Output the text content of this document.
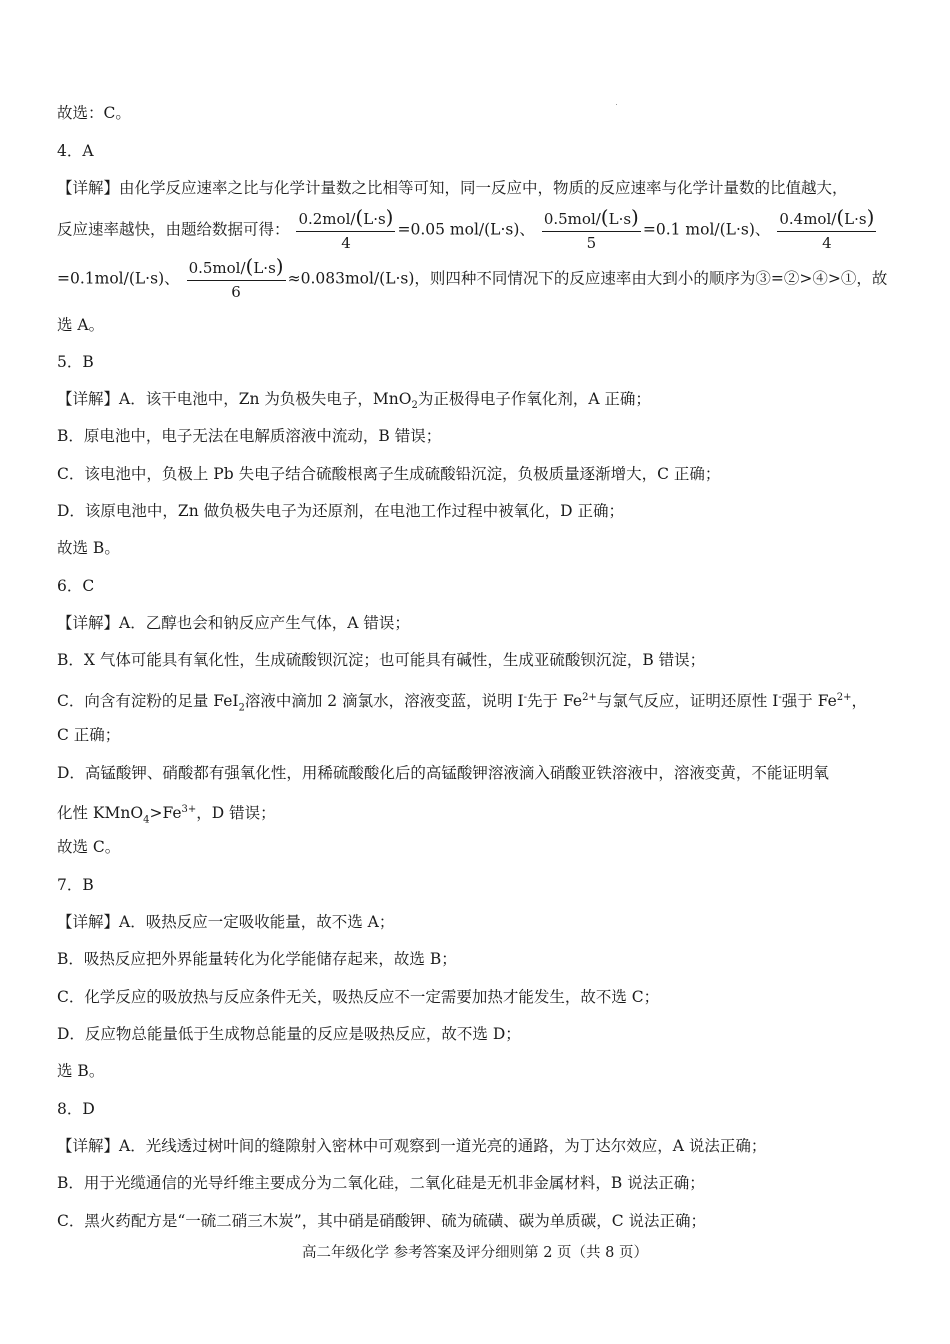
故选：C。
4．A
【详解】由化学反应速率之比与化学计量数之比相等可知，同一反应中，物质的反应速率与化学计量数的比值越大，
反应速率越快，由题给数据可得： $\frac{\text{0.2mol/(L·s)}}{4} =0.05$ mol/(L·s)、 $\frac{\text{0.5mol/(L·s)}}{5} =0.1$ mol/(L·s)、 $\frac{\text{0.4mol/(L·s)}}{4}$
=0.1mol/(L·s)、 $\frac{\text{0.5mol/(L·s)}}{6} \approx 0.083mol/(L\cdot s)$，则四种不同情况下的反应速率由大到小的顺序为③=②>④>①，故
选 A。
5．B
【详解】A．该干电池中，Zn 为负极失电子，MnO$_2$为正极得电子作氧化剂，A 正确；
B．原电池中，电子无法在电解质溶液中流动，B 错误；
C．该电池中，负极上 Pb 失电子结合硫酸根离子生成硫酸铅沉淀，负极质量逐渐增大，C 正确；
D．该原电池中，Zn 做负极失电子为还原剂，在电池工作过程中被氧化，D 正确；
故选 B。
6．C
【详解】A．乙醇也会和钠反应产生气体，A 错误；
B．X 气体可能具有氧化性，生成硫酸钡沉淀；也可能具有碱性，生成亚硫酸钡沉淀，B 错误；
C．向含有淀粉的足量 FeI$_2$溶液中滴加 2 滴氯水，溶液变蓝，说明 I-先于 $Fe^{2+}$与氯气反应，证明还原性 I-强于 $Fe^{2+}$，
C 正确；
D．高锰酸钾、硝酸都有强氧化性，用稀硫酸酸化后的高锰酸钾溶液滴入硝酸亚铁溶液中，溶液变黄，不能证明氧
化性 $KMnO_4>Fe^{3+}$，D 错误；
故选 C。
7．B
【详解】A．吸热反应一定吸收能量，故不选 A；
B．吸热反应把外界能量转化为化学能储存起来，故选 B；
C．化学反应的吸放热与反应条件无关，吸热反应不一定需要加热才能发生，故不选 C；
D．反应物总能量低于生成物总能量的反应是吸热反应，故不选 D；
选 B。
8．D
【详解】A．光线透过树叶间的缝隙射入密林中可观察到一道光亮的通路，为丁达尔效应，A 说法正确；
B．用于光缆通信的光导纤维主要成分为二氧化硅，二氧化硅是无机非金属材料，B 说法正确；
C．黑火药配方是“一硫二硝三木炭”，其中硝是硝酸钾、硫为硫磺、碳为单质碳，C 说法正确；
高二年级化学 参考答案及评分细则第 2 页（共 8 页）
